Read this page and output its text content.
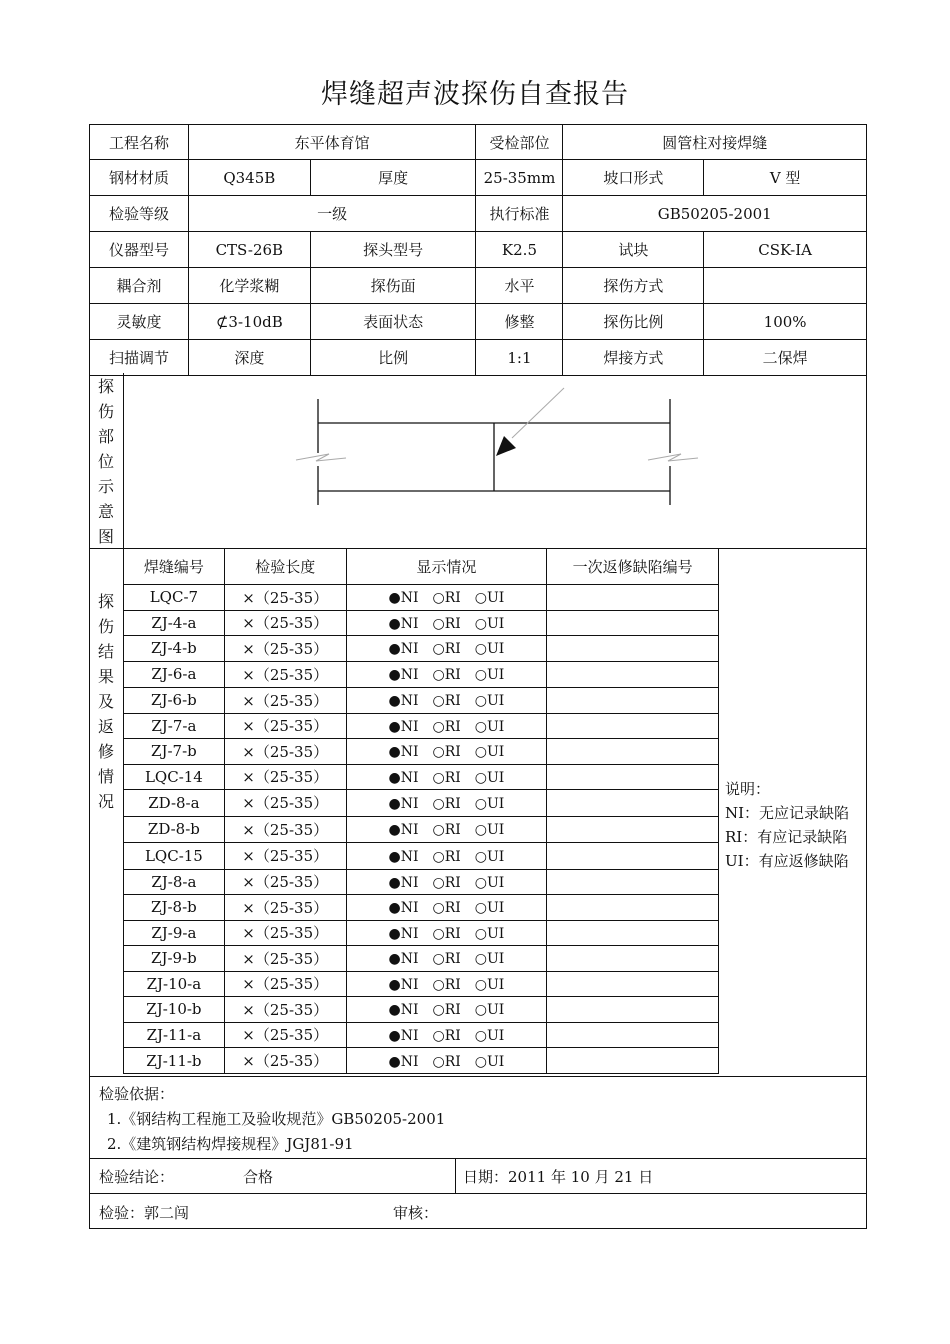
焊缝超声波探伤自查报告
工程名称	东平体育馆		受检部位	圆管柱对接焊缝	
钢材材质	Q345B	厚度	25-35mm	坡口形式	V 型
检验等级	一级		执行标准	GB50205-2001	
仪器型号	CTS-26B	探头型号	K2.5	试块	CSK-IA
耦合剂	化学浆糊	探伤面	水平	探伤方式	
灵敏度	⊄3-10dB	表面状态	修整	探伤比例	100%
扫描调节	深度	比例	1:1	焊接方式	二保焊
探
伤
部
位
示
意
图
探
伤
结
果
及
返
修
情
况
焊缝编号	检验长度	显示情况	一次返修缺陷编号
LQC-7	×（25-35）	●NI　○RI　○UI	
ZJ-4-a	×（25-35）	●NI　○RI　○UI	
ZJ-4-b	×（25-35）	●NI　○RI　○UI	
ZJ-6-a	×（25-35）	●NI　○RI　○UI	
ZJ-6-b	×（25-35）	●NI　○RI　○UI	
ZJ-7-a	×（25-35）	●NI　○RI　○UI	
ZJ-7-b	×（25-35）	●NI　○RI　○UI	
LQC-14	×（25-35）	●NI　○RI　○UI	
ZD-8-a	×（25-35）	●NI　○RI　○UI	
ZD-8-b	×（25-35）	●NI　○RI　○UI	
LQC-15	×（25-35）	●NI　○RI　○UI	
ZJ-8-a	×（25-35）	●NI　○RI　○UI	
ZJ-8-b	×（25-35）	●NI　○RI　○UI	
ZJ-9-a	×（25-35）	●NI　○RI　○UI	
ZJ-9-b	×（25-35）	●NI　○RI　○UI	
ZJ-10-a	×（25-35）	●NI　○RI　○UI	
ZJ-10-b	×（25-35）	●NI　○RI　○UI	
ZJ-11-a	×（25-35）	●NI　○RI　○UI	
ZJ-11-b	×（25-35）	●NI　○RI　○UI	
说明：
NI：无应记录缺陷
RI：有应记录缺陷
UI：有应返修缺陷
检验依据：
1.《钢结构工程施工及验收规范》GB50205-2001
2.《建筑钢结构焊接规程》JGJ81-91
检验结论：	合格	日期：2011 年 10 月 21 日
检验：郭二闯	审核：
